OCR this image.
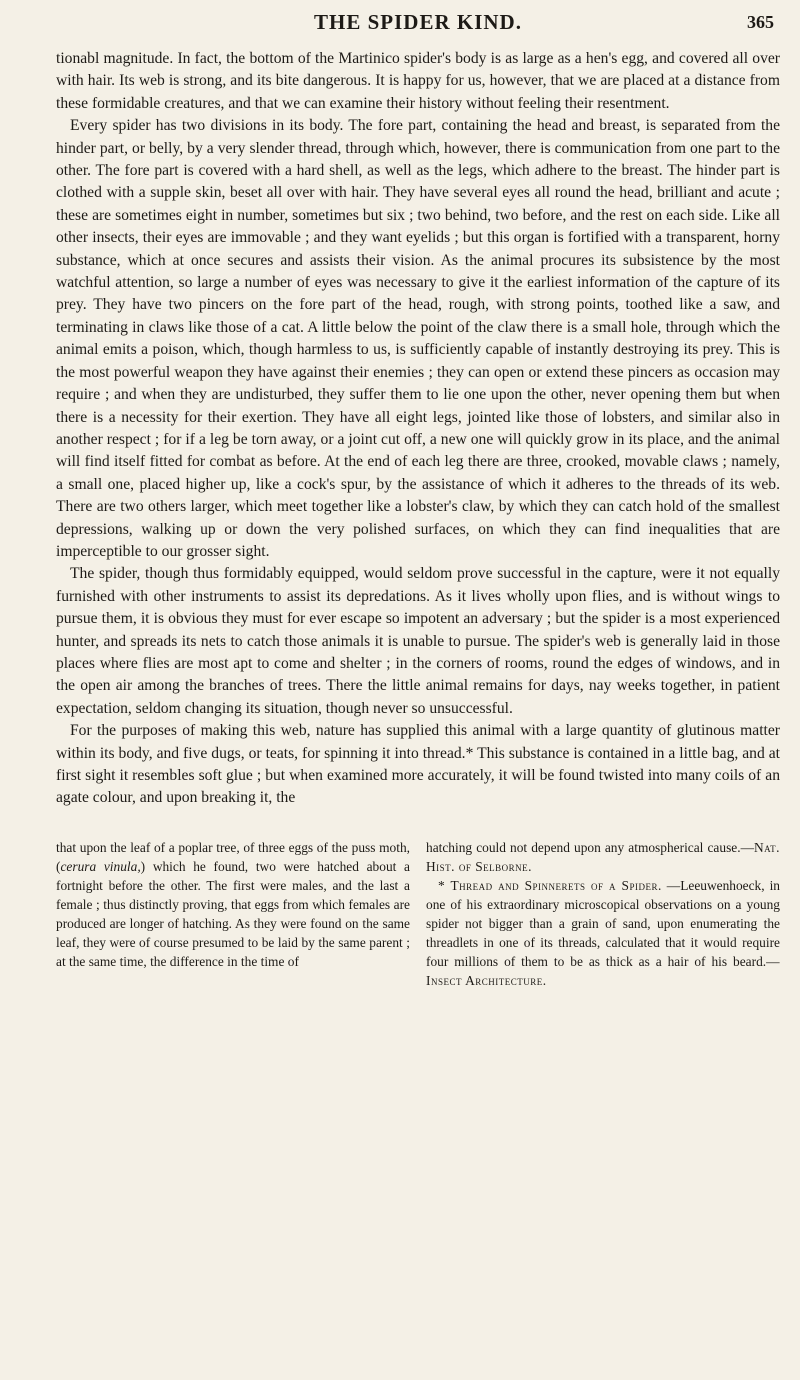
THE SPIDER KIND.	365

tionabl magnitude. In fact, the bottom of the Martinico spider's body is as large as a hen's egg, and covered all over with hair. Its web is strong, and its bite dangerous. It is happy for us, however, that we are placed at a distance from these formidable creatures, and that we can examine their history without feeling their resentment.

Every spider has two divisions in its body. The fore part, containing the head and breast, is separated from the hinder part, or belly, by a very slender thread, through which, however, there is communication from one part to the other. The fore part is covered with a hard shell, as well as the legs, which adhere to the breast. The hinder part is clothed with a supple skin, beset all over with hair. They have several eyes all round the head, brilliant and acute ; these are sometimes eight in number, sometimes but six ; two behind, two before, and the rest on each side. Like all other insects, their eyes are immovable ; and they want eyelids ; but this organ is fortified with a transparent, horny substance, which at once secures and assists their vision. As the animal procures its subsistence by the most watchful attention, so large a number of eyes was necessary to give it the earliest information of the capture of its prey. They have two pincers on the fore part of the head, rough, with strong points, toothed like a saw, and terminating in claws like those of a cat. A little below the point of the claw there is a small hole, through which the animal emits a poison, which, though harmless to us, is sufficiently capable of instantly destroying its prey. This is the most powerful weapon they have against their enemies ; they can open or extend these pincers as occasion may require ; and when they are undisturbed, they suffer them to lie one upon the other, never opening them but when there is a necessity for their exertion. They have all eight legs, jointed like those of lobsters, and similar also in another respect ; for if a leg be torn away, or a joint cut off, a new one will quickly grow in its place, and the animal will find itself fitted for combat as before. At the end of each leg there are three, crooked, movable claws ; namely, a small one, placed higher up, like a cock's spur, by the assistance of which it adheres to the threads of its web. There are two others larger, which meet together like a lobster's claw, by which they can catch hold of the smallest depressions, walking up or down the very polished surfaces, on which they can find inequalities that are imperceptible to our grosser sight.

The spider, though thus formidably equipped, would seldom prove successful in the capture, were it not equally furnished with other instruments to assist its depredations. As it lives wholly upon flies, and is without wings to pursue them, it is obvious they must for ever escape so impotent an adversary ; but the spider is a most experienced hunter, and spreads its nets to catch those animals it is unable to pursue. The spider's web is generally laid in those places where flies are most apt to come and shelter ; in the corners of rooms, round the edges of windows, and in the open air among the branches of trees. There the little animal remains for days, nay weeks together, in patient expectation, seldom changing its situation, though never so unsuccessful.

For the purposes of making this web, nature has supplied this animal with a large quantity of glutinous matter within its body, and five dugs, or teats, for spinning it into thread.* This substance is contained in a little bag, and at first sight it resembles soft glue ; but when examined more accurately, it will be found twisted into many coils of an agate colour, and upon breaking it, the

that upon the leaf of a poplar tree, of three eggs of the puss moth, (cerura vinula,) which he found, two were hatched about a fortnight before the other. The first were males, and the last a female ; thus distinctly proving, that eggs from which females are produced are longer of hatching. As they were found on the same leaf, they were of course presumed to be laid by the same parent ; at the same time, the difference in the time of

hatching could not depend upon any atmospherical cause.—Nat. Hist. of Selborne.

* Thread and Spinnerets of a Spider. —Leeuwenhoeck, in one of his extraordinary microscopical observations on a young spider not bigger than a grain of sand, upon enumerating the threadlets in one of its threads, calculated that it would require four millions of them to be as thick as a hair of his beard.—Insect Architecture.
